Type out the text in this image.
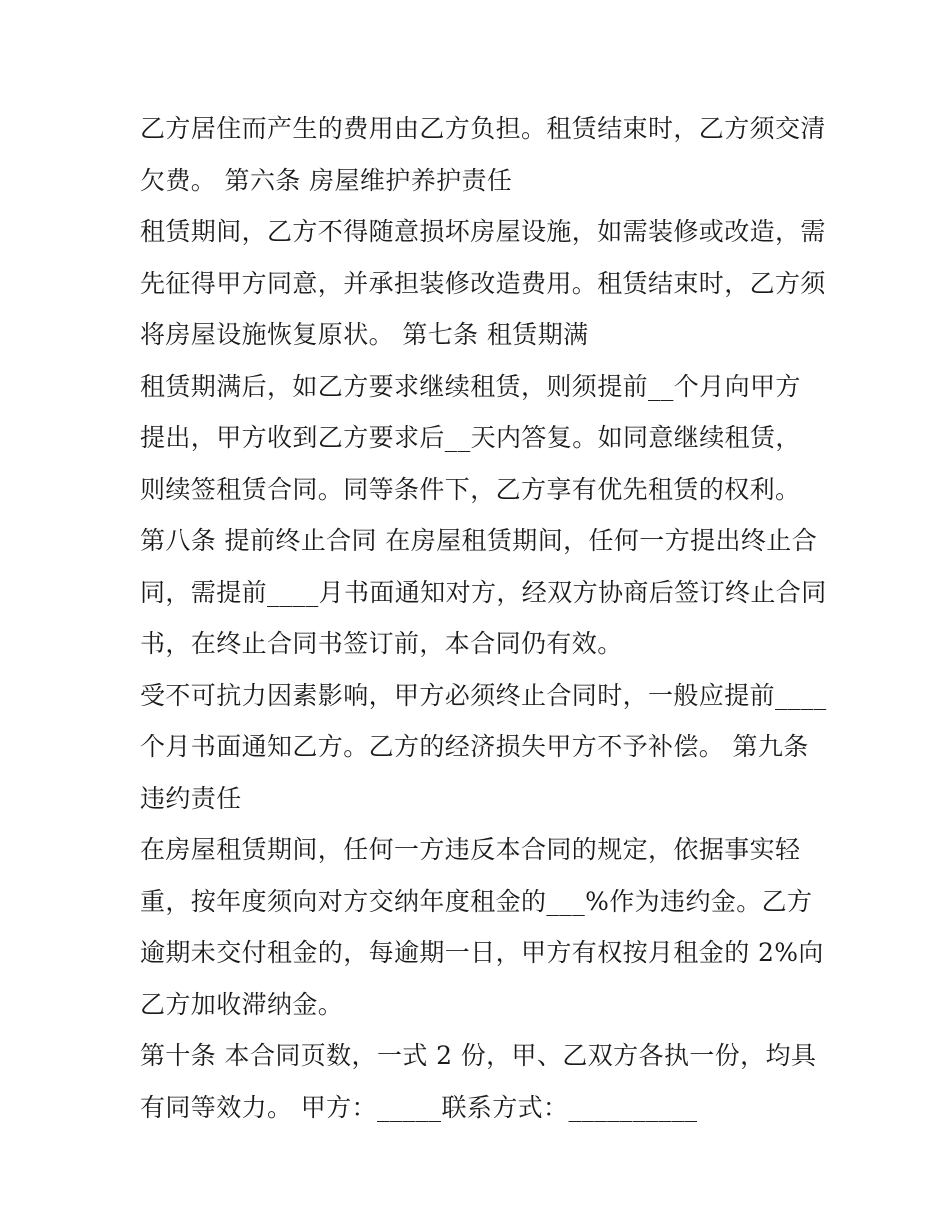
乙方居住而产生的费用由乙方负担。租赁结束时，乙方须交清
欠费。 第六条 房屋维护养护责任
租赁期间，乙方不得随意损坏房屋设施，如需装修或改造，需
先征得甲方同意，并承担装修改造费用。租赁结束时，乙方须
将房屋设施恢复原状。 第七条 租赁期满
租赁期满后，如乙方要求继续租赁，则须提前__个月向甲方
提出，甲方收到乙方要求后__天内答复。如同意继续租赁，
则续签租赁合同。同等条件下，乙方享有优先租赁的权利。
第八条 提前终止合同 在房屋租赁期间，任何一方提出终止合
同，需提前____月书面通知对方，经双方协商后签订终止合同
书，在终止合同书签订前，本合同仍有效。
受不可抗力因素影响，甲方必须终止合同时，一般应提前____
个月书面通知乙方。乙方的经济损失甲方不予补偿。 第九条
违约责任
在房屋租赁期间，任何一方违反本合同的规定，依据事实轻
重，按年度须向对方交纳年度租金的___%作为违约金。乙方
逾期未交付租金的，每逾期一日，甲方有权按月租金的 2%向
乙方加收滞纳金。
第十条 本合同页数，一式 2 份，甲、乙双方各执一份，均具
有同等效力。 甲方：_____联系方式：__________
